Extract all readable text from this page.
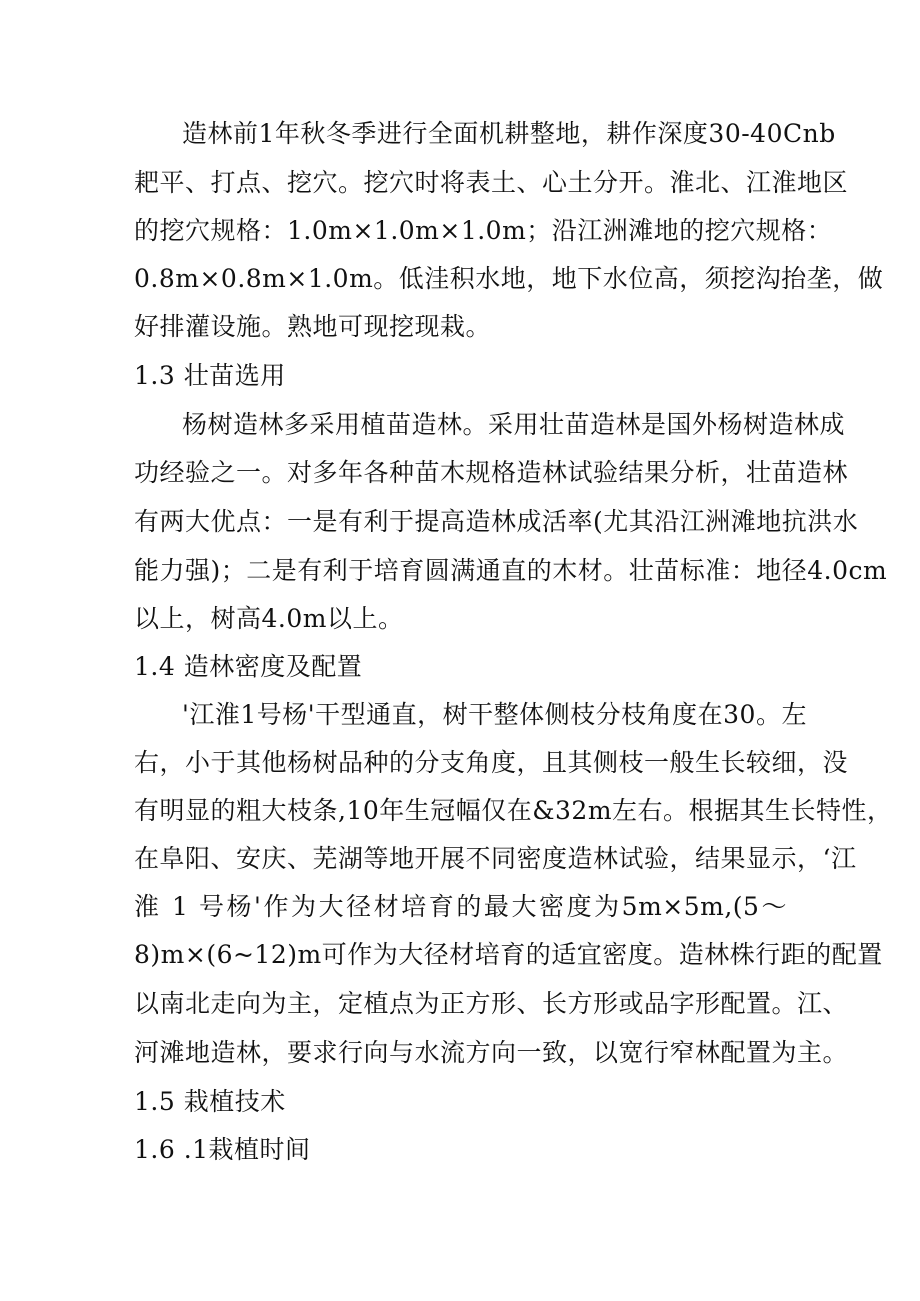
造林前1年秋冬季进行全面机耕整地，耕作深度30-40Cnb
耙平、打点、挖穴。挖穴时将表土、心土分开。淮北、江淮地区
的挖穴规格：1.0m×1.0m×1.0m；沿江洲滩地的挖穴规格：
0.8m×0.8m×1.0m。低洼积水地，地下水位高，须挖沟抬垄，做
好排灌设施。熟地可现挖现栽。
1.3 壮苗选用
杨树造林多采用植苗造林。采用壮苗造林是国外杨树造林成
功经验之一。对多年各种苗木规格造林试验结果分析，壮苗造林
有两大优点：一是有利于提高造林成活率(尤其沿江洲滩地抗洪水
能力强)；二是有利于培育圆满通直的木材。壮苗标准：地径4.0cm
以上，树高4.0m以上。
1.4 造林密度及配置
'江淮1号杨'干型通直，树干整体侧枝分枝角度在30。左
右，小于其他杨树品种的分支角度，且其侧枝一般生长较细，没
有明显的粗大枝条,10年生冠幅仅在&32m左右。根据其生长特性，
在阜阳、安庆、芜湖等地开展不同密度造林试验，结果显示，‘江
淮 1 号杨'作为大径材培育的最大密度为5m×5m,(5～
8)m×(6~12)m可作为大径材培育的适宜密度。造林株行距的配置
以南北走向为主，定植点为正方形、长方形或品字形配置。江、
河滩地造林，要求行向与水流方向一致，以宽行窄林配置为主。
1.5 栽植技术
1.6 .1栽植时间
